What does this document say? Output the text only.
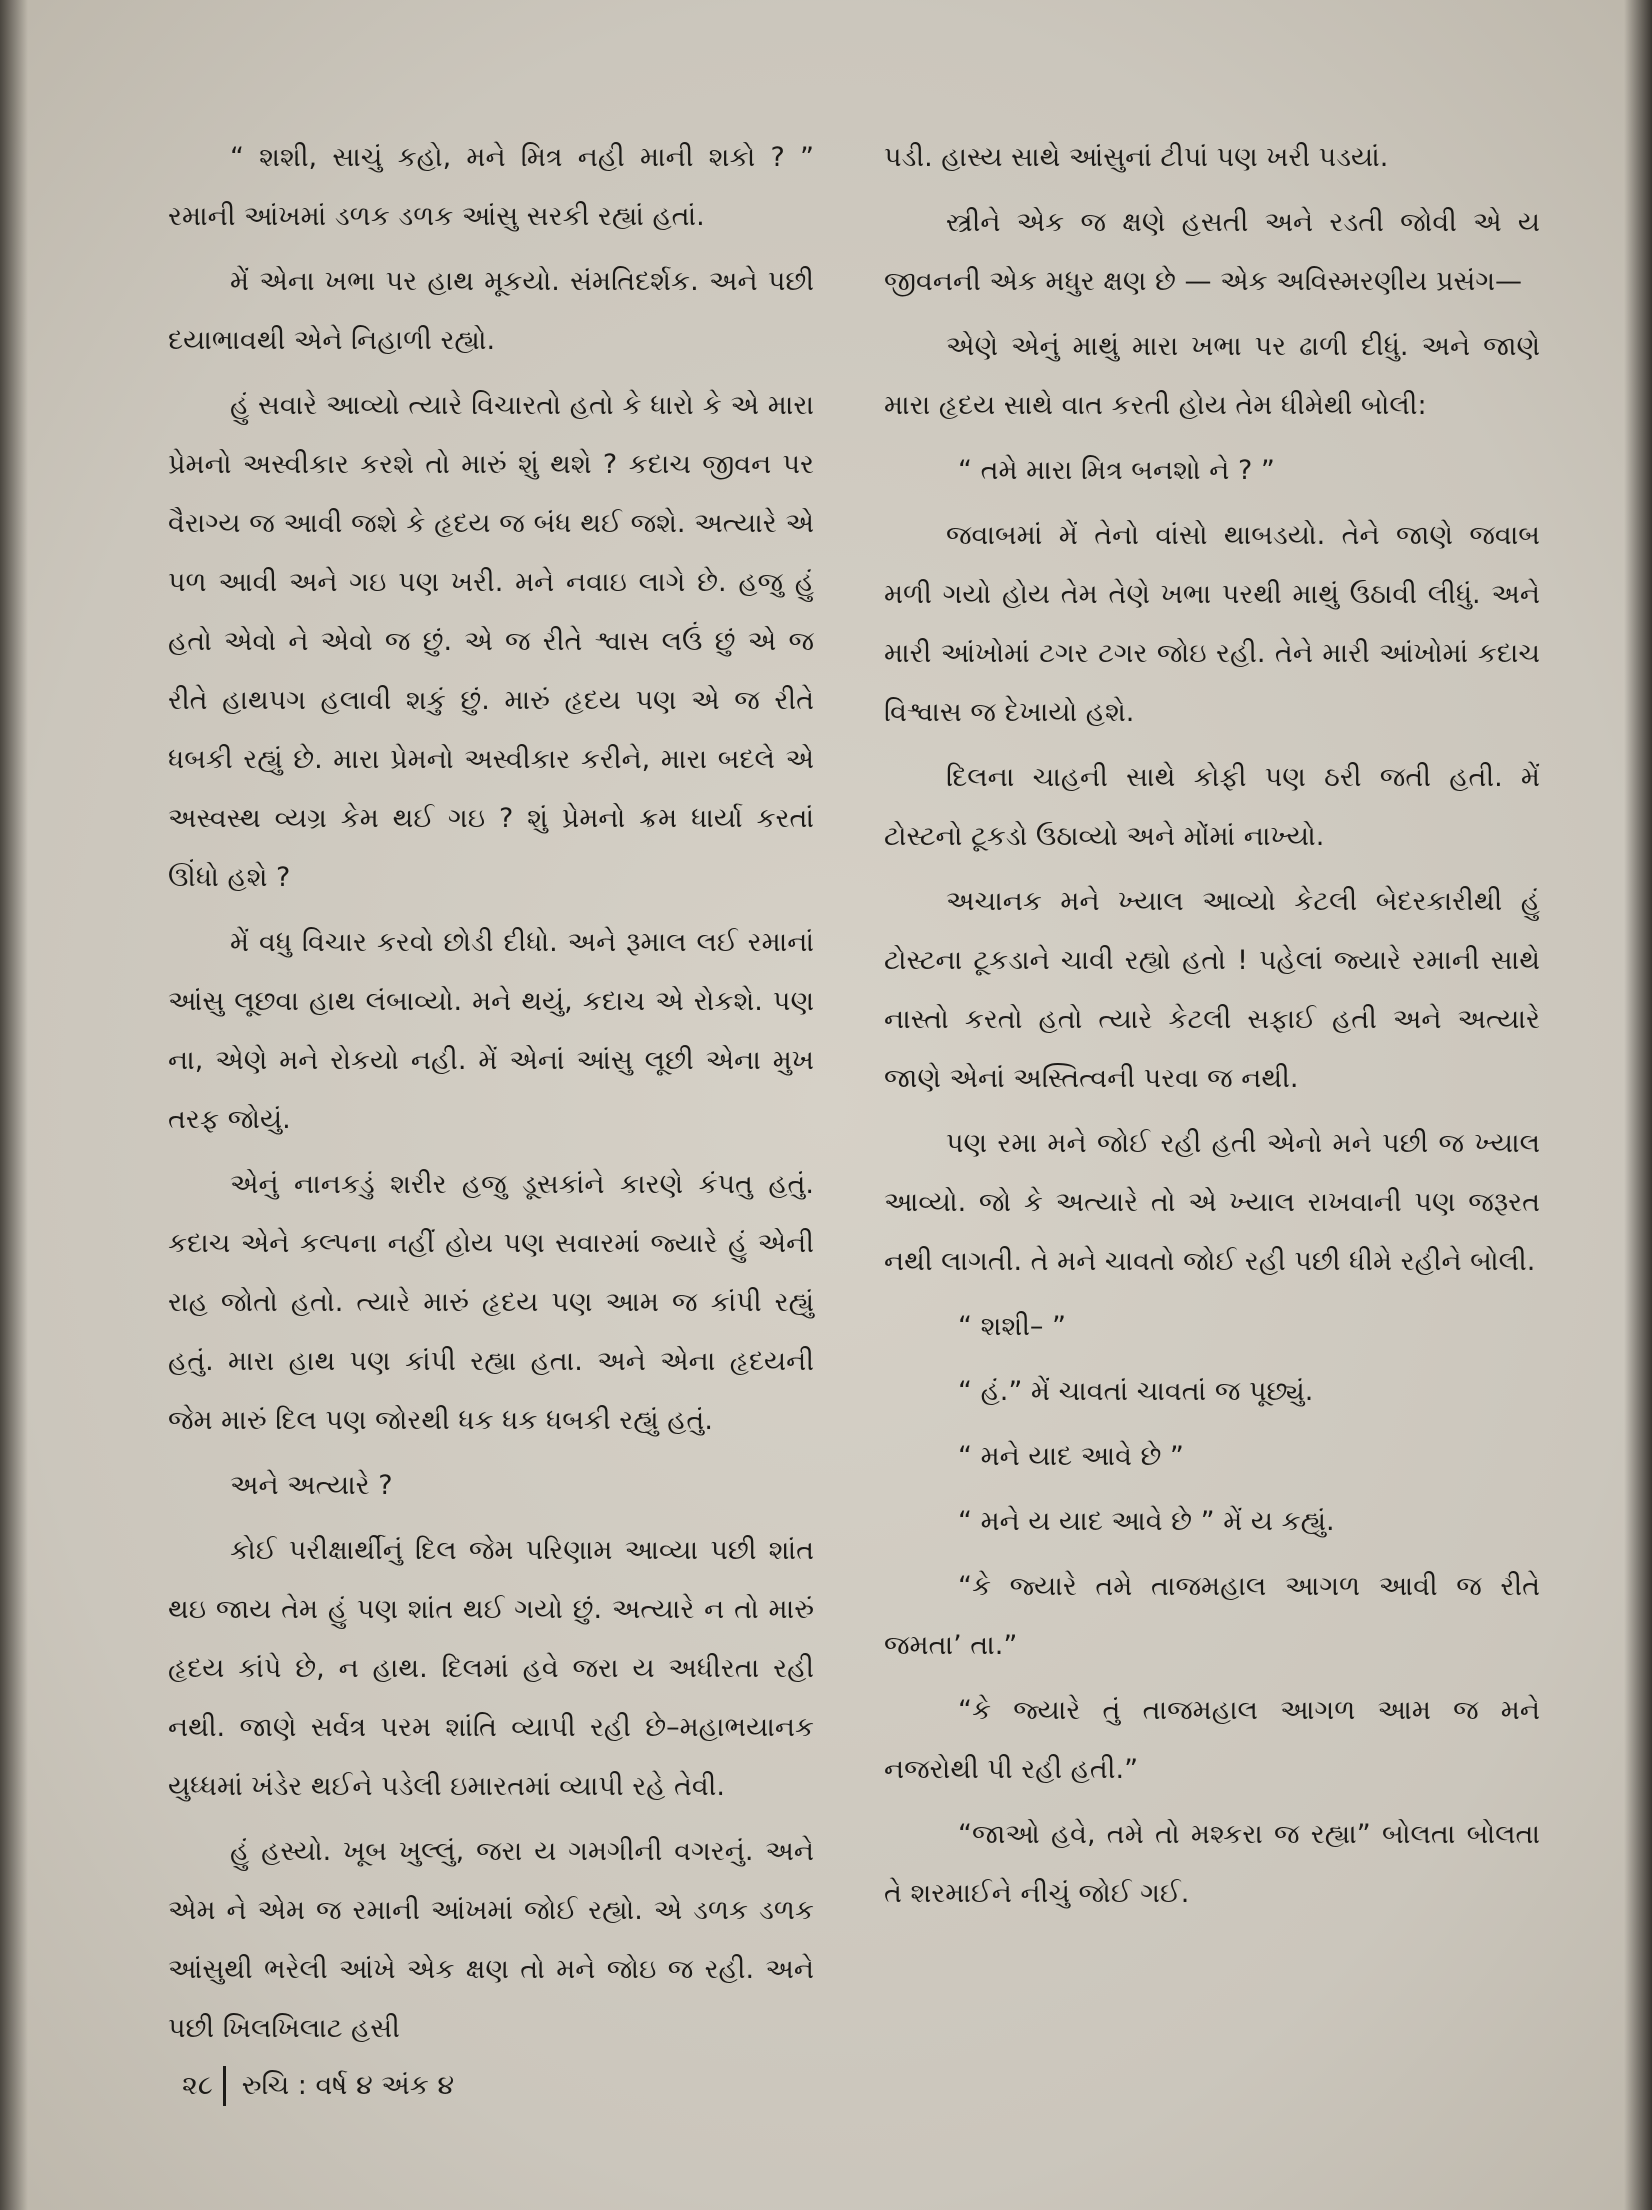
“ શશી, સાચું કહો, મને મિત્ર નહી માની શકો ? ” રમાની આંખમાં ડળક ડળક આંસુ સરકી રહ્યાં હતાં.

મેં એના ખભા પર હાથ મૂકયો. સંમતિદર્શક. અને પછી દયાભાવથી એને નિહાળી રહ્યો.

હું સવારે આવ્યો ત્યારે વિચારતો હતો કે ધારો કે એ મારા પ્રેમનો અસ્વીકાર કરશે તો મારું શું થશે ? કદાચ જીવન પર વૈરાગ્ય જ આવી જશે કે હૃદય જ બંધ થઈ જશે. અત્યારે એ પળ આવી અને ગઇ પણ ખરી. મને નવાઇ લાગે છે. હજુ હું હતો એવો ને એવો જ છું. એ જ રીતે શ્વાસ લઉં છું એ જ રીતે હાથપગ હલાવી શકું છું. મારું હૃદય પણ એ જ રીતે ધબકી રહ્યું છે. મારા પ્રેમનો અસ્વીકાર કરીને, મારા બદલે એ અસ્વસ્થ વ્યગ્ર કેમ થઈ ગઇ ? શું પ્રેમનો ક્રમ ધાર્યા કરતાં ઊંધો હશે ?

મેં વધુ વિચાર કરવો છોડી દીધો. અને રૂમાલ લઈ રમાનાં આંસુ લૂછવા હાથ લંબાવ્યો. મને થયું, કદાચ એ રોકશે. પણ ના, એણે મને રોકયો નહી. મેં એનાં આંસુ લૂછી એના મુખ તરફ જોયું.

એનું નાનકડું શરીર હજુ ડૂસકાંને કારણે કંપતુ હતું. કદાચ એને કલ્પના નહીં હોય પણ સવારમાં જ્યારે હું એની રાહ જોતો હતો. ત્યારે મારું હૃદય પણ આમ જ કાંપી રહ્યું હતું. મારા હાથ પણ કાંપી રહ્યા હતા. અને એના હૃદયની જેમ મારું દિલ પણ જોરથી ધક ધક ધબકી રહ્યું હતું.

અને અત્યારે ?

કોઈ પરીક્ષાર્થીનું દિલ જેમ પરિણામ આવ્યા પછી શાંત થઇ જાય તેમ હું પણ શાંત થઈ ગયો છું. અત્યારે ન તો મારું હૃદય કાંપે છે, ન હાથ. દિલમાં હવે જરા ય અધીરતા રહી નથી. જાણે સર્વત્ર પરમ શાંતિ વ્યાપી રહી છે–મહાભયાનક યુધ્ધમાં ખંડેર થઈને પડેલી ઇમારતમાં વ્યાપી રહે તેવી.

હું હસ્યો. ખૂબ ખુલ્લું, જરા ય ગમગીની વગરનું. અને એમ ને એમ જ રમાની આંખમાં જોઈ રહ્યો. એ ડળક ડળક આંસુથી ભરેલી આંખે એક ક્ષણ તો મને જોઇ જ રહી. અને પછી ખિલખિલાટ હસી

પડી. હાસ્ય સાથે આંસુનાં ટીપાં પણ ખરી પડયાં.

સ્ત્રીને એક જ ક્ષણે હસતી અને રડતી જોવી એ ય જીવનની એક મધુર ક્ષણ છે — એક અવિસ્મરણીય પ્રસંગ—

એણે એનું માથું મારા ખભા પર ઢાળી દીધું. અને જાણે મારા હૃદય સાથે વાત કરતી હોય તેમ ધીમેથી બોલી:

“ તમે મારા મિત્ર બનશો ને ? ”

જવાબમાં મેં તેનો વાંસો થાબડયો. તેને જાણે જવાબ મળી ગયો હોય તેમ તેણે ખભા પરથી માથું ઉઠાવી લીધું. અને મારી આંખોમાં ટગર ટગર જોઇ રહી. તેને મારી આંખોમાં કદાચ વિશ્વાસ જ દેખાયો હશે.

દિલના ચાહની સાથે કોફી પણ ઠરી જતી હતી. મેં ટોસ્ટનો ટૂકડો ઉઠાવ્યો અને મોંમાં નાખ્યો.

અચાનક મને ખ્યાલ આવ્યો કેટલી બેદરકારીથી હું ટોસ્ટના ટૂકડાને ચાવી રહ્યો હતો ! પહેલાં જ્યારે રમાની સાથે નાસ્તો કરતો હતો ત્યારે કેટલી સફાઈ હતી અને અત્યારે જાણે એનાં અસ્તિત્વની પરવા જ નથી.

પણ રમા મને જોઈ રહી હતી એનો મને પછી જ ખ્યાલ આવ્યો. જો કે અત્યારે તો એ ખ્યાલ રાખવાની પણ જરૂરત નથી લાગતી. તે મને ચાવતો જોઈ રહી પછી ધીમે રહીને બોલી.

“ શશી– ”

“ હં.” મેં ચાવતાં ચાવતાં જ પૂછ્યું.

“ મને યાદ આવે છે ”

“ મને ય યાદ આવે છે ” મેં ય કહ્યું.

“કે જ્યારે તમે તાજમહાલ આગળ આવી જ રીતે જમતા’ તા.”

“કે જ્યારે તું તાજમહાલ આગળ આમ જ મને નજરોથી પી રહી હતી.”

“જાઓ હવે, તમે તો મશ્કરા જ રહ્યા” બોલતા બોલતા તે શરમાઈને નીચું જોઈ ગઈ.

૨૮ રુચિ : વર્ષ ૪ અંક ૪
